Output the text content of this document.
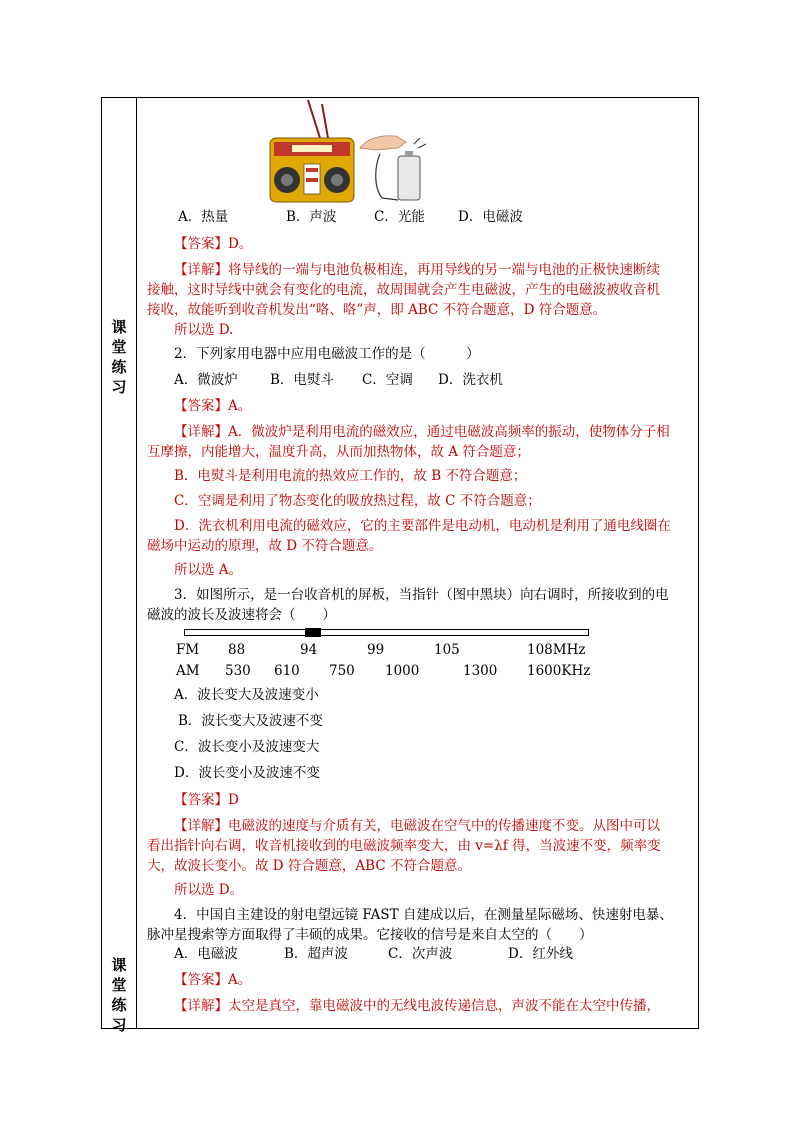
课
堂
练
习
课
堂
练
习
A．热量	B．声波	C．光能 D．电磁波
【答案】D。
【详解】将导线的一端与电池负极相连，再用导线的另一端与电池的正极快速断续
接触，这时导线中就会有变化的电流，故周围就会产生电磁波，产生的电磁波被收音机
接收，故能听到收音机发出“咯、咯”声，即 ABC 不符合题意，D 符合题意。
所以选 D.
2．下列家用电器中应用电磁波工作的是（　　　）
A．微波炉 B．电熨斗 C．空调 D．洗衣机
【答案】A。
【详解】A．微波炉是利用电流的磁效应，通过电磁波高频率的振动，使物体分子相
互摩擦，内能增大，温度升高，从而加热物体，故 A 符合题意；
B．电熨斗是利用电流的热效应工作的，故 B 不符合题意；
C．空调是利用了物态变化的吸放热过程，故 C 不符合题意；
D．洗衣机利用电流的磁效应，它的主要部件是电动机，电动机是利用了通电线圈在
磁场中运动的原理，故 D 不符合题意。
所以选 A。
3．如图所示，是一台收音机的屏板，当指针（图中黑块）向右调时，所接收到的电
磁波的波长及波速将会（　　）
FM 88	94	99	105	108MHz
AM 530 610 750 1000	1300 1600KHz
A．波长变大及波速变小
B．波长变大及波速不变
C．波长变小及波速变大
D．波长变小及波速不变
【答案】D
【详解】电磁波的速度与介质有关，电磁波在空气中的传播速度不变。从图中可以
看出指针向右调，收音机接收到的电磁波频率变大，由 v=λf 得，当波速不变，频率变
大，故波长变小。故 D 符合题意，ABC 不符合题意。
所以选 D。
4．中国自主建设的射电望远镜 FAST 自建成以后，在测量星际磁场、快速射电暴、
脉冲星搜索等方面取得了丰硕的成果。它接收的信号是来自太空的（　　）
A．电磁波	B．超声波	C．次声波	D．红外线
【答案】A。
【详解】太空是真空，靠电磁波中的无线电波传递信息，声波不能在太空中传播，
